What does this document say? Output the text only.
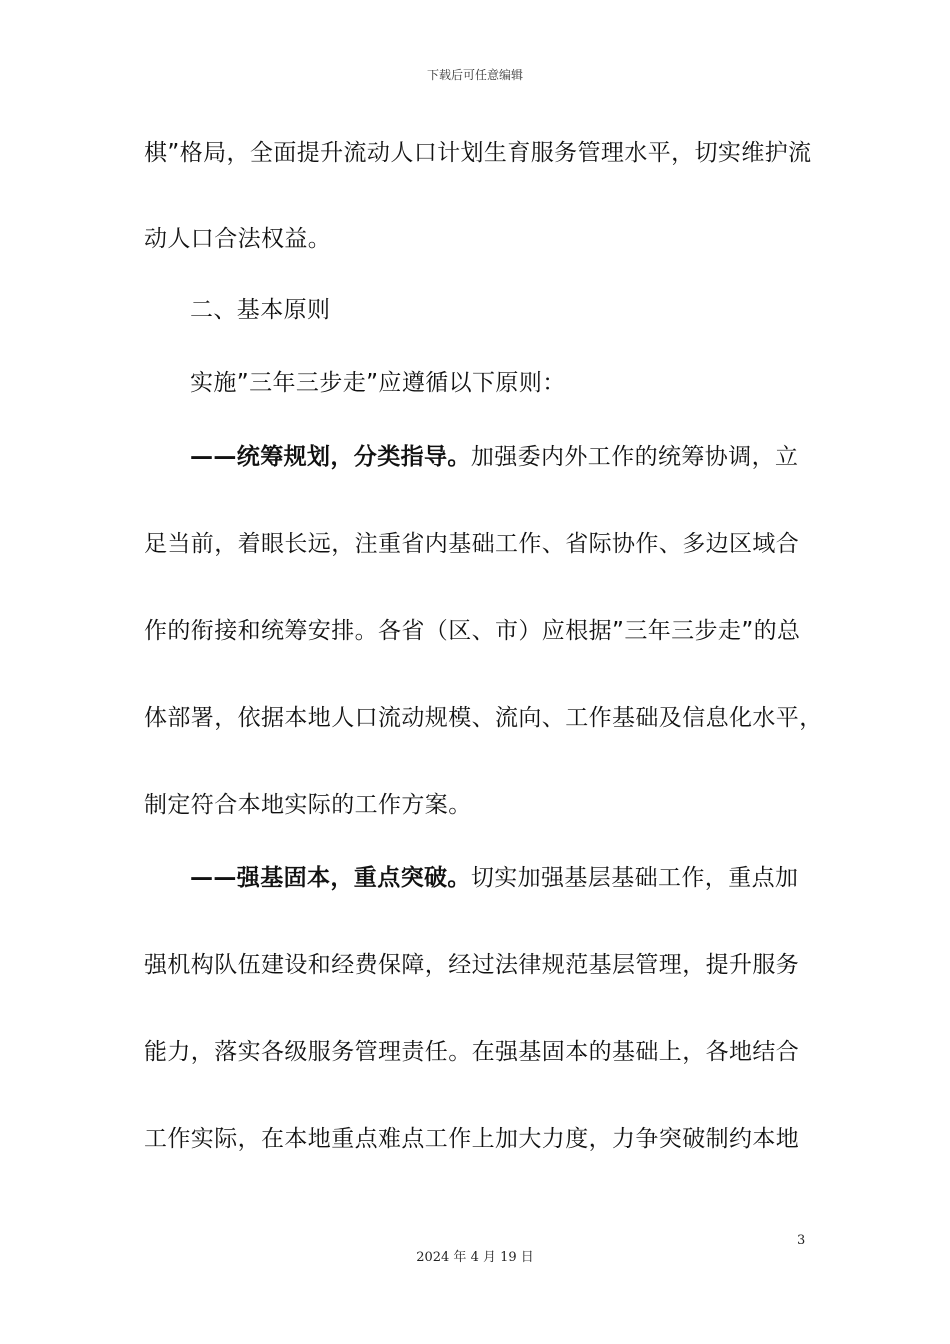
下载后可任意编辑
棋”格局，全面提升流动人口计划生育服务管理水平，切实维护流
动人口合法权益。
二、基本原则
实施”三年三步走”应遵循以下原则：
——统筹规划，分类指导。加强委内外工作的统筹协调，立
足当前，着眼长远，注重省内基础工作、省际协作、多边区域合
作的衔接和统筹安排。各省（区、市）应根据”三年三步走”的总
体部署，依据本地人口流动规模、流向、工作基础及信息化水平，
制定符合本地实际的工作方案。
——强基固本，重点突破。切实加强基层基础工作，重点加
强机构队伍建设和经费保障，经过法律规范基层管理，提升服务
能力，落实各级服务管理责任。在强基固本的基础上，各地结合
工作实际，在本地重点难点工作上加大力度，力争突破制约本地
3
2024 年 4 月 19 日
